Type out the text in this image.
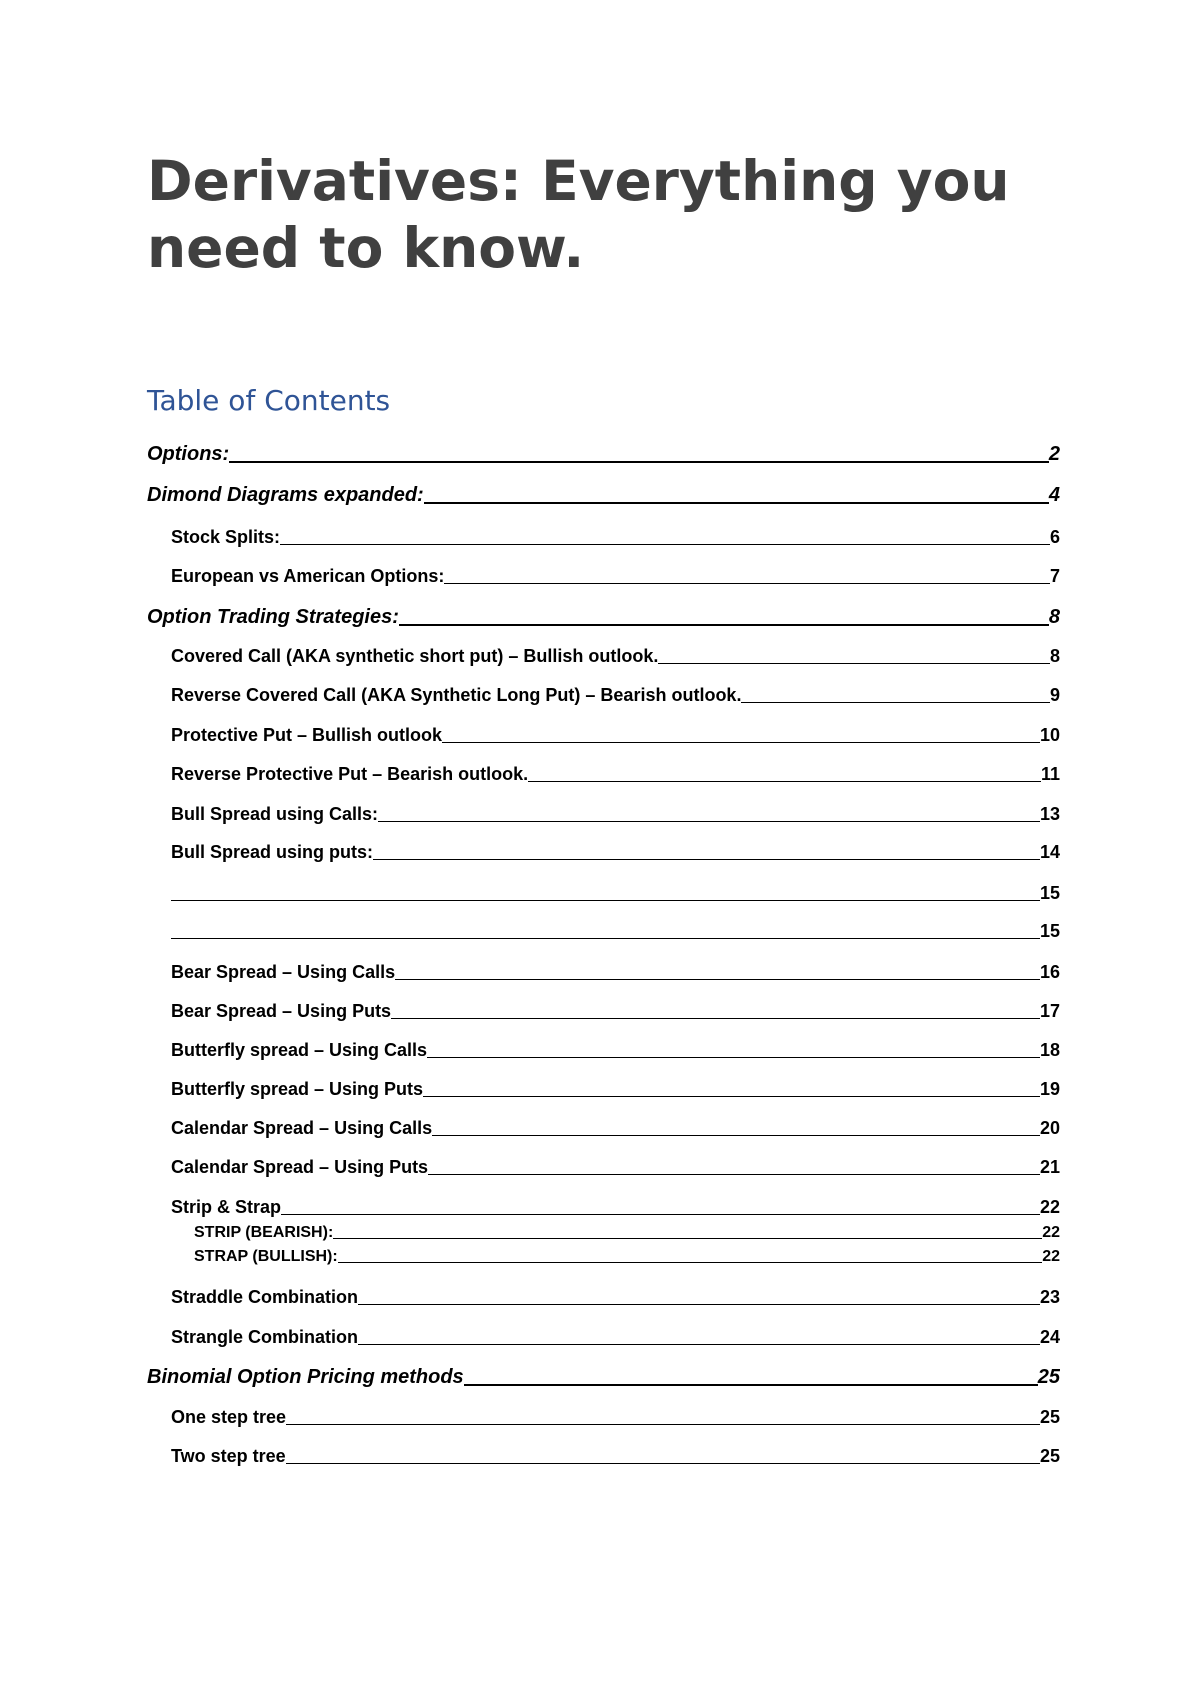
Derivatives: Everything you need to know.
Table of Contents
Options:	2
Dimond Diagrams expanded:	4
Stock Splits:	6
European vs American Options:	7
Option Trading Strategies:	8
Covered Call (AKA synthetic short put) – Bullish outlook.	8
Reverse Covered Call (AKA Synthetic Long Put) – Bearish outlook.	9
Protective Put – Bullish outlook	10
Reverse Protective Put – Bearish outlook.	11
Bull Spread using Calls:	13
Bull Spread using puts:	14
15
15
Bear Spread – Using Calls	16
Bear Spread – Using Puts	17
Butterfly spread – Using Calls	18
Butterfly spread – Using Puts	19
Calendar Spread – Using Calls	20
Calendar Spread – Using Puts	21
Strip & Strap	22
STRIP (BEARISH):	22
STRAP (BULLISH):	22
Straddle Combination	23
Strangle Combination	24
Binomial Option Pricing methods	25
One step tree	25
Two step tree	25
